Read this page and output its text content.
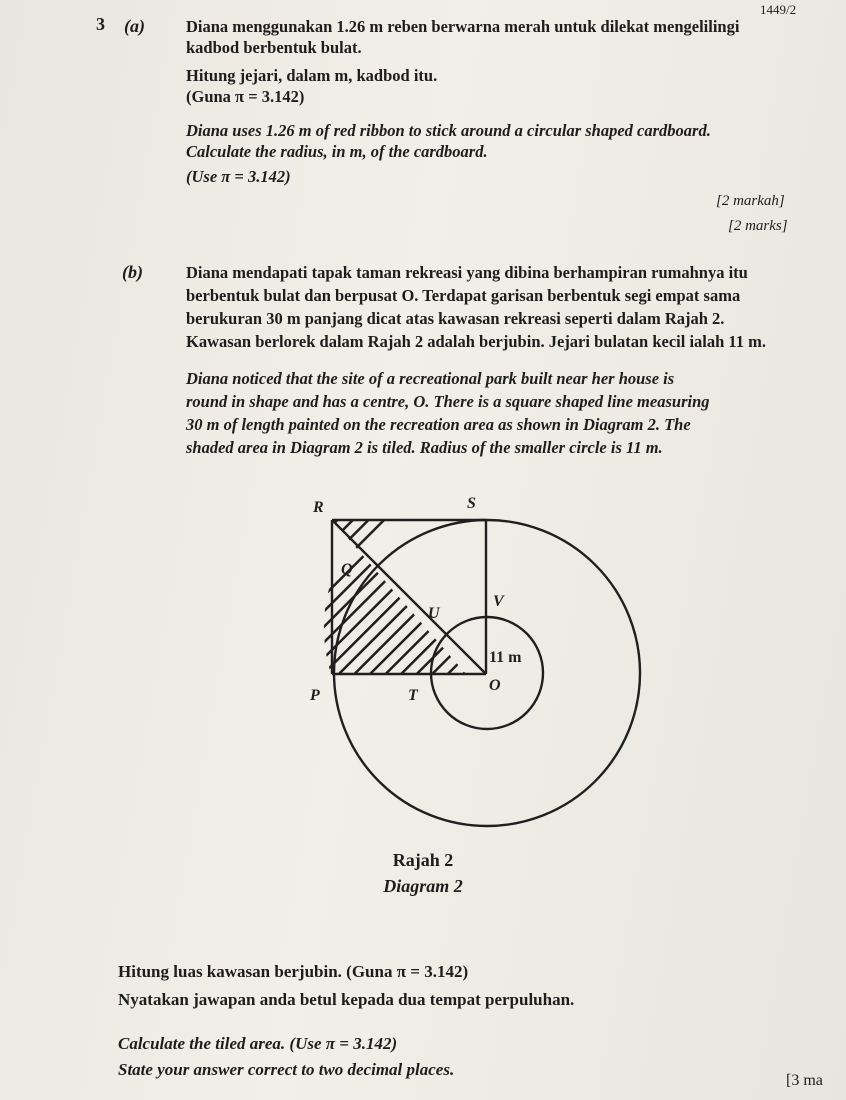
1449/2
3 (a) Diana menggunakan 1.26 m reben berwarna merah untuk dilekat mengelilingi
kadbod berbentuk bulat.
Hitung jejari, dalam m, kadbod itu.
(Guna π = 3.142)
Diana uses 1.26 m of red ribbon to stick around a circular shaped cardboard.
Calculate the radius, in m, of the cardboard.
(Use π = 3.142)
[2 markah]
[2 marks]
(b)	Diana mendapati tapak taman rekreasi yang dibina berhampiran rumahnya itu
berbentuk bulat dan berpusat O. Terdapat garisan berbentuk segi empat sama
berukuran 30 m panjang dicat atas kawasan rekreasi seperti dalam Rajah 2.
Kawasan berlorek dalam Rajah 2 adalah berjubin. Jejari bulatan kecil ialah 11 m.
Diana noticed that the site of a recreational park built near her house is
round in shape and has a centre, O. There is a square shaped line measuring
30 m of length painted on the recreation area as shown in Diagram 2. The
shaded area in Diagram 2 is tiled. Radius of the smaller circle is 11 m.
R	S
Q
U
V
11 m
P	T
O
Rajah 2
Diagram 2
Hitung luas kawasan berjubin. (Guna π = 3.142)
Nyatakan jawapan anda betul kepada dua tempat perpuluhan.
Calculate the tiled area. (Use π = 3.142)
State your answer correct to two decimal places.
[3 ma
